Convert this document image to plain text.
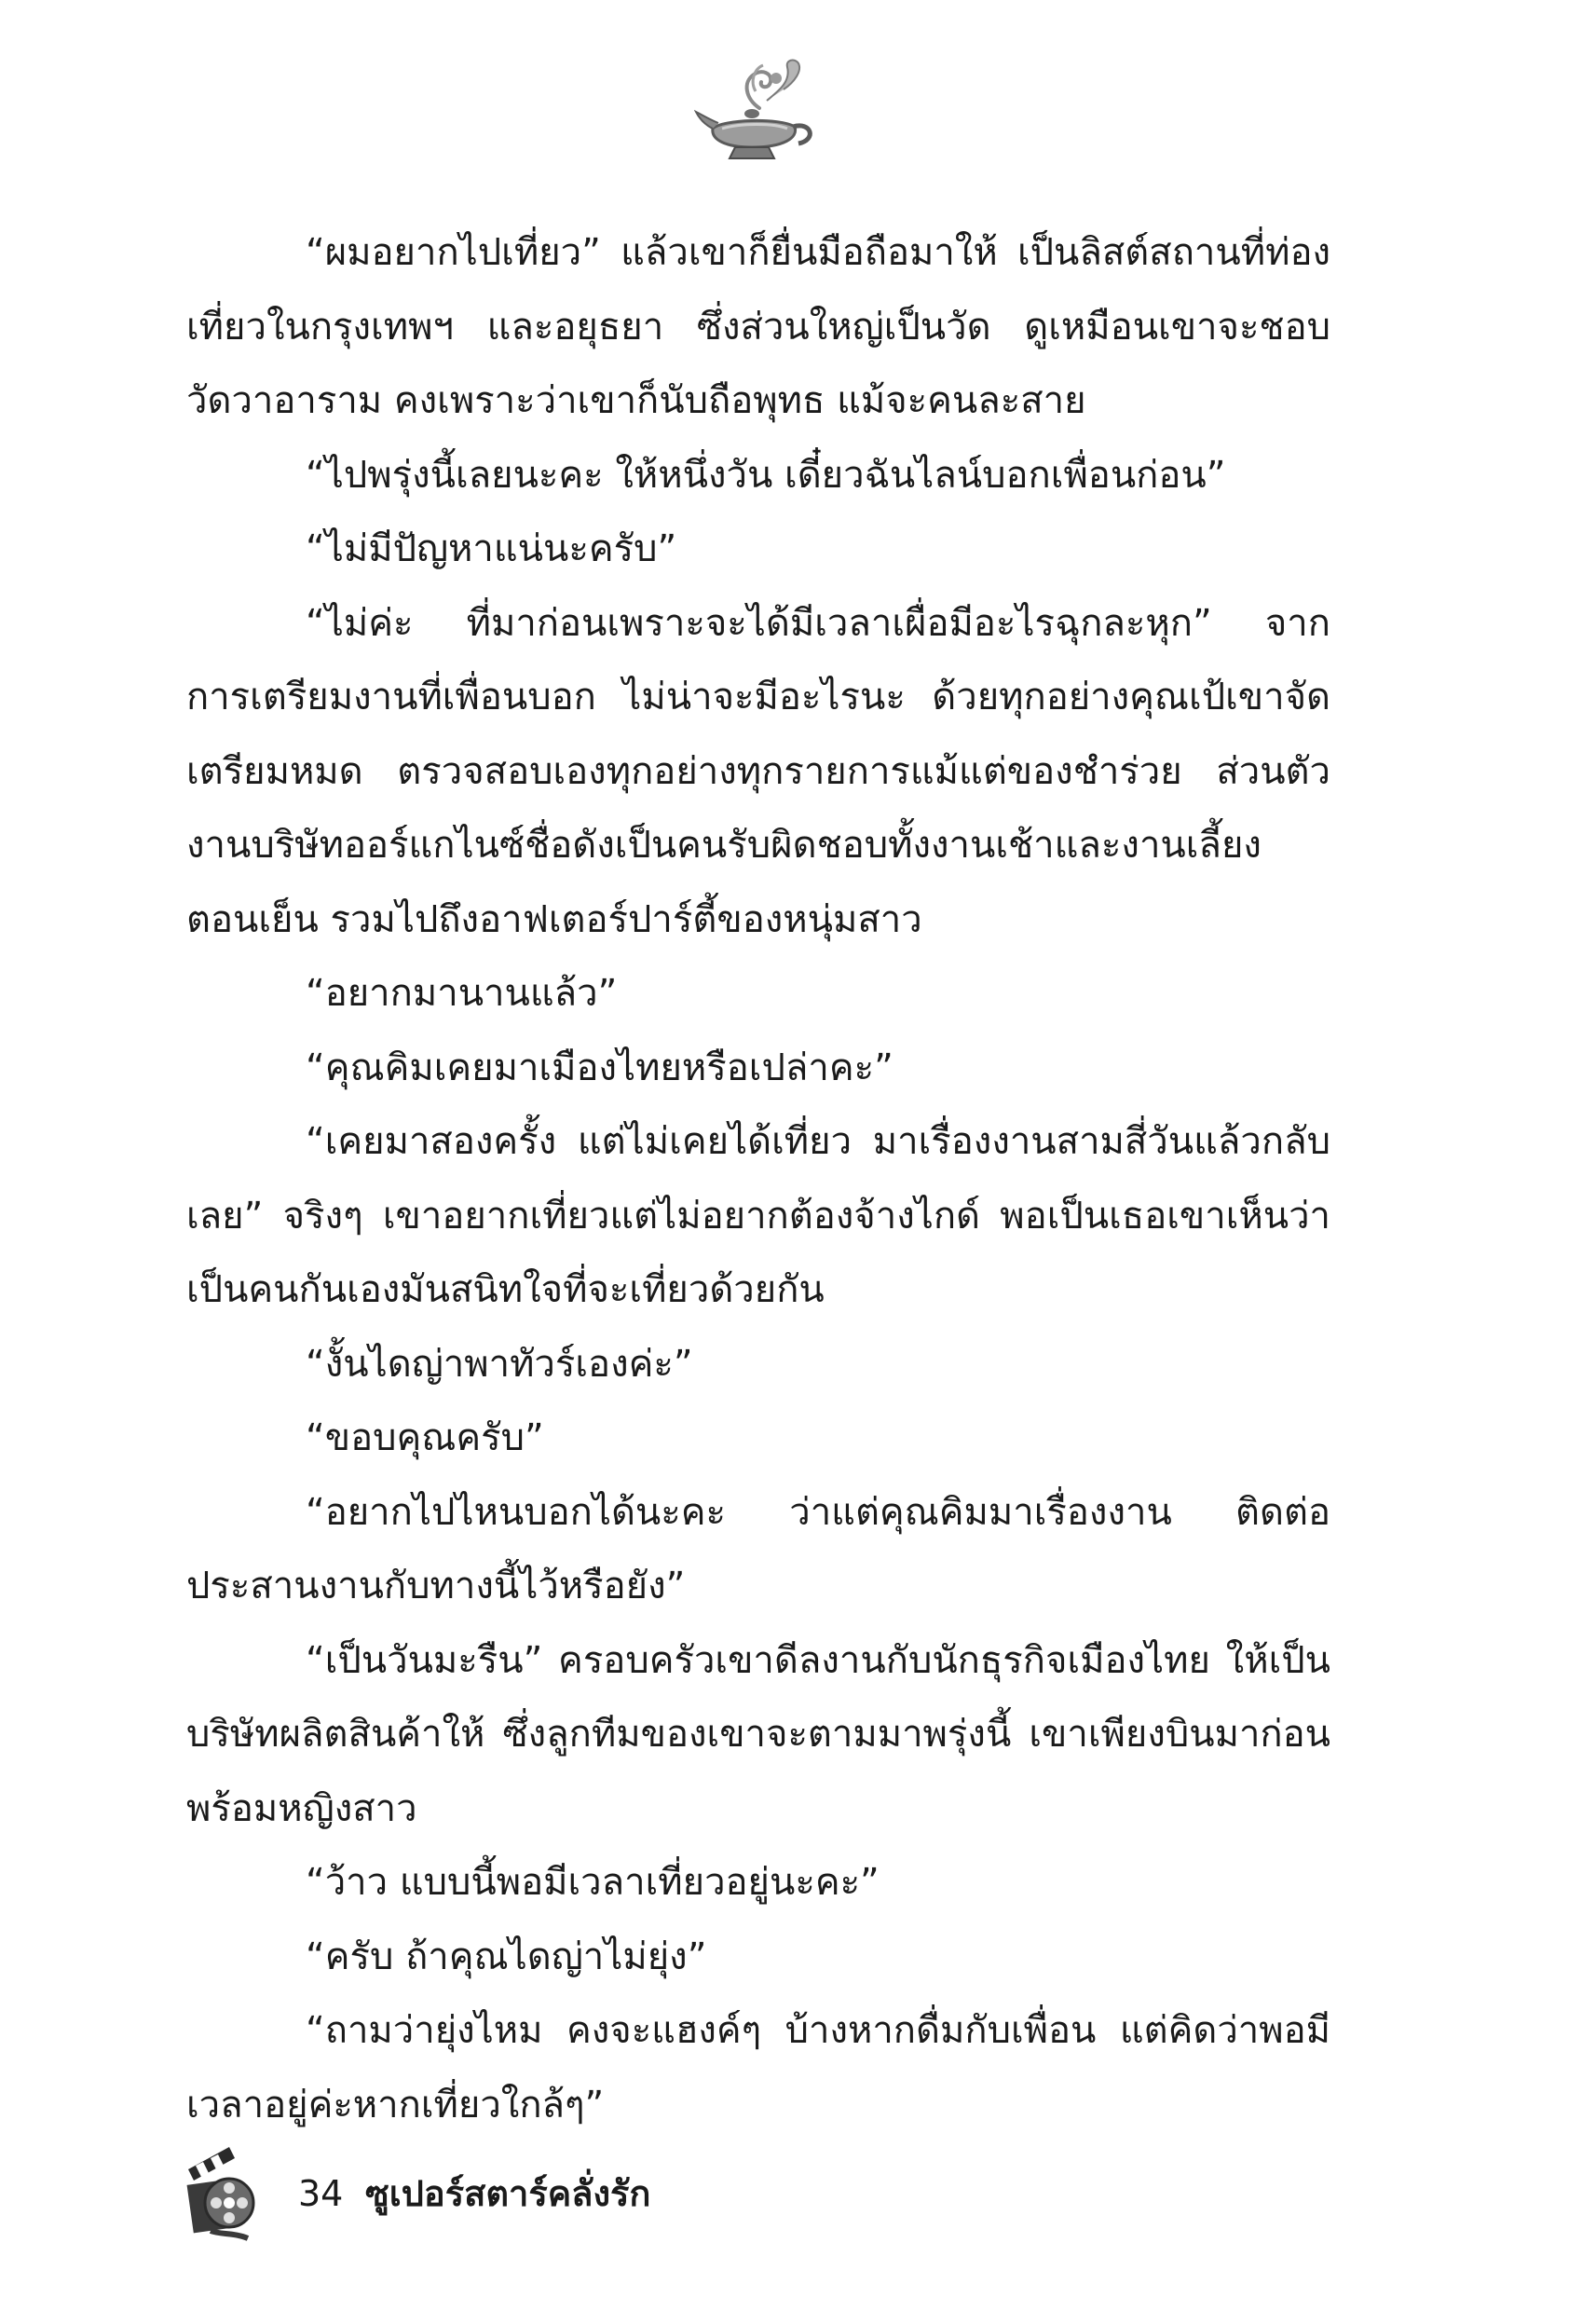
“ผมอยากไปเที่ยว” แล้วเขาก็ยื่นมือถือมาให้ เป็นลิสต์สถานที่ท่องเที่ยวในกรุงเทพฯ และอยุธยา ซึ่งส่วนใหญ่เป็นวัด ดูเหมือนเขาจะชอบวัดวาอาราม คงเพราะว่าเขาก็นับถือพุทธ แม้จะคนละสาย

“ไปพรุ่งนี้เลยนะคะ ให้หนึ่งวัน เดี๋ยวฉันไลน์บอกเพื่อนก่อน”

“ไม่มีปัญหาแน่นะครับ”

“ไม่ค่ะ ที่มาก่อนเพราะจะได้มีเวลาเผื่อมีอะไรฉุกละหุก” จากการเตรียมงานที่เพื่อนบอก ไม่น่าจะมีอะไรนะ ด้วยทุกอย่างคุณเป้เขาจัดเตรียมหมด ตรวจสอบเองทุกอย่างทุกรายการแม้แต่ของชำร่วย ส่วนตัวงานบริษัทออร์แกไนซ์ชื่อดังเป็นคนรับผิดชอบทั้งงานเช้าและงานเลี้ยงตอนเย็น รวมไปถึงอาฟเตอร์ปาร์ตี้ของหนุ่มสาว

“อยากมานานแล้ว”

“คุณคิมเคยมาเมืองไทยหรือเปล่าคะ”

“เคยมาสองครั้ง แต่ไม่เคยได้เที่ยว มาเรื่องงานสามสี่วันแล้วกลับเลย” จริงๆ เขาอยากเที่ยวแต่ไม่อยากต้องจ้างไกด์ พอเป็นเธอเขาเห็นว่าเป็นคนกันเองมันสนิทใจที่จะเที่ยวด้วยกัน

“งั้นไดญ่าพาทัวร์เองค่ะ”

“ขอบคุณครับ”

“อยากไปไหนบอกได้นะคะ ว่าแต่คุณคิมมาเรื่องงาน ติดต่อประสานงานกับทางนี้ไว้หรือยัง”

“เป็นวันมะรืน” ครอบครัวเขาดีลงานกับนักธุรกิจเมืองไทย ให้เป็นบริษัทผลิตสินค้าให้ ซึ่งลูกทีมของเขาจะตามมาพรุ่งนี้ เขาเพียงบินมาก่อนพร้อมหญิงสาว

“ว้าว แบบนี้พอมีเวลาเที่ยวอยู่นะคะ”

“ครับ ถ้าคุณไดญ่าไม่ยุ่ง”

“ถามว่ายุ่งไหม คงจะแฮงค์ๆ บ้างหากดื่มกับเพื่อน แต่คิดว่าพอมีเวลาอยู่ค่ะหากเที่ยวใกล้ๆ”

34 ซูเปอร์สตาร์คลั่งรัก
